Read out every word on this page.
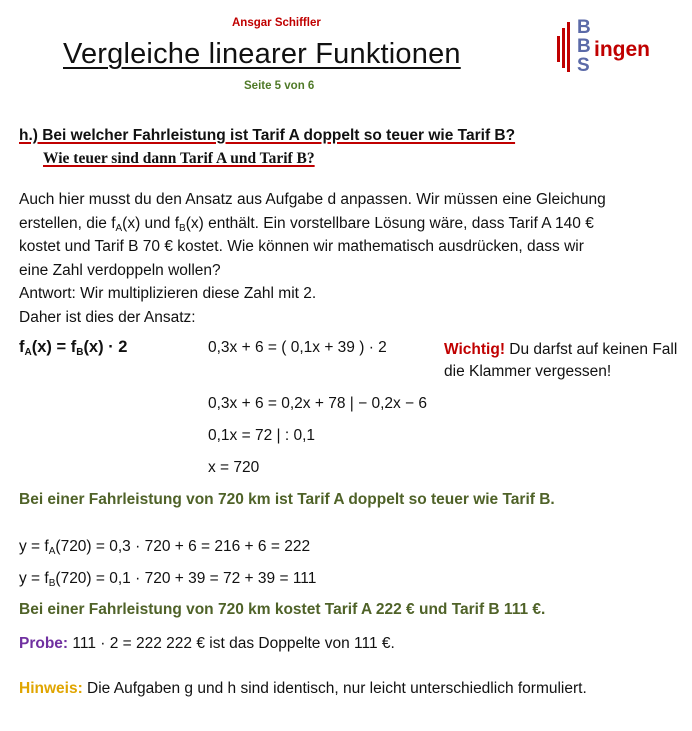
Ansgar Schiffler
Vergleiche linearer Funktionen
Seite 5 von 6
B
B
S
ingen
h.) Bei welcher Fahrleistung ist Tarif A doppelt so teuer wie Tarif B?
Wie teuer sind dann Tarif A und Tarif B?
Auch hier musst du den Ansatz aus Aufgabe d anpassen. Wir müssen eine Gleichung
erstellen, die $f_A(x)$ und $f_B(x)$ enthält. Ein vorstellbare Lösung wäre, dass Tarif A 140 €
kostet und Tarif B 70 € kostet. Wie können wir mathematisch ausdrücken, dass wir
eine Zahl verdoppeln wollen?
Antwort: Wir multiplizieren diese Zahl mit 2.
Daher ist dies der Ansatz:
$f_A(x) = f_B(x) \cdot 2$	0,3x + 6 = ( 0,1x + 39 ) · 2
0,3x + 6 = 0,2x + 78 | − 0,2x − 6
0,1x = 72 | : 0,1
x = 720
Wichtig! Du darfst auf keinen Fall die Klammer vergessen!
Bei einer Fahrleistung von 720 km ist Tarif A doppelt so teuer wie Tarif B.
$y = f_A(720) = 0,3 \cdot 720 + 6 = 216 + 6 = 222$
$y = f_B(720) = 0,1 \cdot 720 + 39 = 72 + 39 = 111$
Bei einer Fahrleistung von 720 km kostet Tarif A 222 € und Tarif B 111 €.
Probe: 111 · 2 = 222 222 € ist das Doppelte von 111 €.
Hinweis: Die Aufgaben g und h sind identisch, nur leicht unterschiedlich formuliert.
